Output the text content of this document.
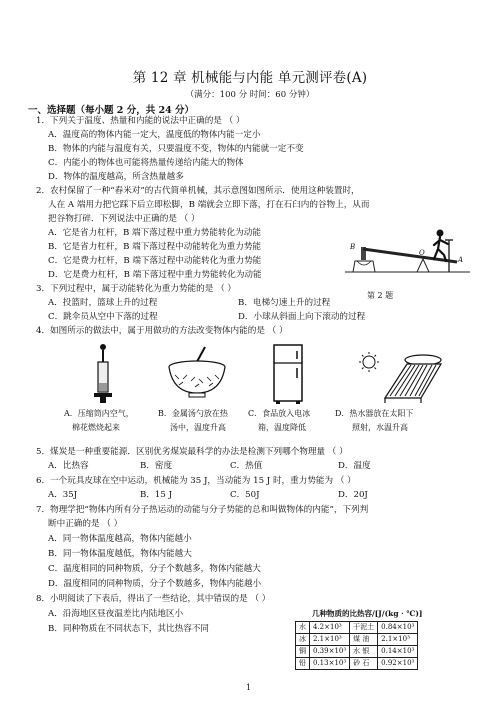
第 12 章 机械能与内能 单元测评卷(A)
（满分：100 分 时间：60 分钟）
一、选择题（每小题 2 分，共 24 分）
1．下列关于温度、热量和内能的说法中正确的是 （ ）
A．温度高的物体内能一定大，温度低的物体内能一定小
B．物体的内能与温度有关，只要温度不变，物体的内能就一定不变
C．内能小的物体也可能将热量传递给内能大的物体
D．物体的温度越高，所含热量越多
2．农村保留了一种“舂米对”的古代简单机械，其示意图如图所示．使用这种装置时，
人在 A 端用力把它踩下后立即松脚，B 端就会立即下落，打在石臼内的谷物上，从而
把谷物打碎．下列说法中正确的是 （ ）
A．它是省力杠杆，B 端下落过程中重力势能转化为动能
B．它是省力杠杆，B 端下落过程中动能转化为重力势能
C．它是费力杠杆，B 端下落过程中动能转化为重力势能
D．它是费力杠杆，B 端下落过程中重力势能转化为动能
B
O
A
第 2 题
3．下列过程中，属于动能转化为重力势能的是 （ ）
A．投篮时，篮球上升的过程	B．电梯匀速上升的过程
C．跳伞员从空中下落的过程	D．小球从斜面上向下滚动的过程
4．如图所示的做法中，属于用做功的方法改变物体内能的是 （ ）
A．压缩筒内空气，
棉花燃烧起来
B．金属汤勺放在热
汤中，温度升高
C．食品放入电冰
箱，温度降低
D．热水器放在太阳下
照射，水温升高
5．煤炭是一种重要能源．区别优劣煤炭最科学的办法是检测下列哪个物理量 （ ）
A．比热容	B．密度	C．热值	D．温度
6．一个玩具皮球在空中运动，机械能为 35 J，当动能为 15 J 时，重力势能为 （ ）
A．35J	B．15 J	C．50J	D．20J
7．物理学把“物体内所有分子热运动的动能与分子势能的总和叫做物体的内能”，下列判
断中正确的是 （ ）
A．同一物体温度越高，物体内能越小
B．同一物体温度越低，物体内能越大
C．温度相同的同种物质，分子个数越多，物体内能越大
D．温度相同的同种物质，分子个数越多，物体内能越小
8．小明阅读了下表后，得出了一些结论，其中错误的是 （ ）
A．沿海地区昼夜温差比内陆地区小
B．同种物质在不同状态下，其比热容不同
几种物质的比热容/[J/(kg · ℃)]
水	4.2×10³	干泥土	0.84×10³
冰	2.1×10³	煤 油	2.1×10³
铜	0.39×10³	水 银	0.14×10³
铅	0.13×10³	砂 石	0.92×10³
1
